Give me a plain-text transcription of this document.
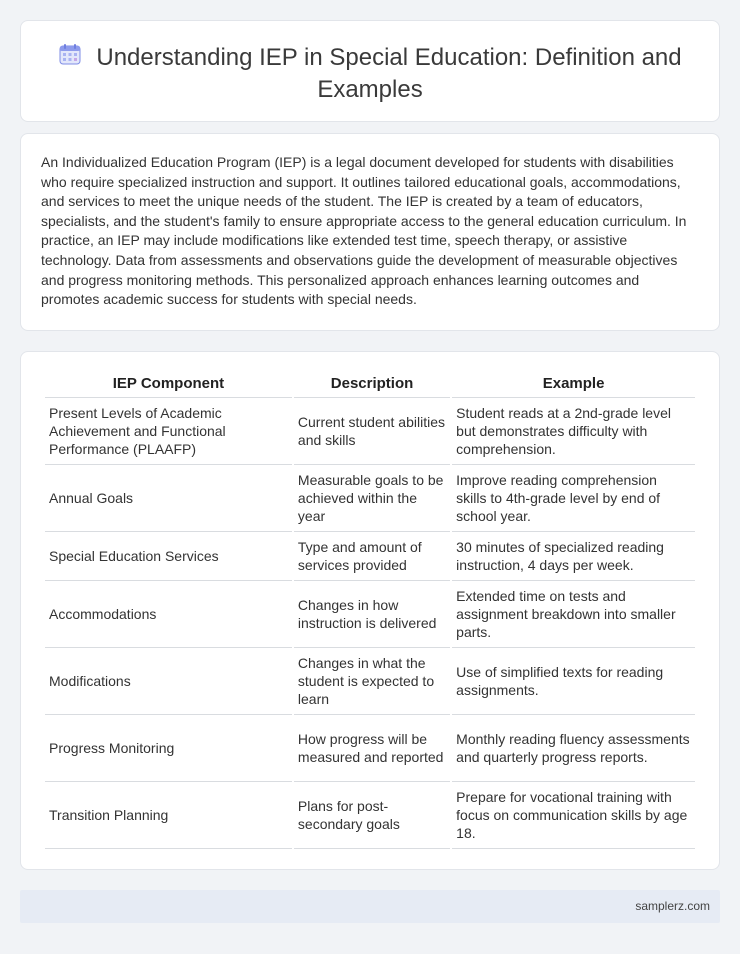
Understanding IEP in Special Education: Definition and Examples

An Individualized Education Program (IEP) is a legal document developed for students with disabilities who require specialized instruction and support. It outlines tailored educational goals, accommodations, and services to meet the unique needs of the student. The IEP is created by a team of educators, specialists, and the student's family to ensure appropriate access to the general education curriculum. In practice, an IEP may include modifications like extended test time, speech therapy, or assistive technology. Data from assessments and observations guide the development of measurable objectives and progress monitoring methods. This personalized approach enhances learning outcomes and promotes academic success for students with special needs.

IEP Component	Description	Example
Present Levels of Academic Achievement and Functional Performance (PLAAFP)	Current student abilities and skills	Student reads at a 2nd-grade level but demonstrates difficulty with comprehension.
Annual Goals	Measurable goals to be achieved within the year	Improve reading comprehension skills to 4th-grade level by end of school year.
Special Education Services	Type and amount of services provided	30 minutes of specialized reading instruction, 4 days per week.
Accommodations	Changes in how instruction is delivered	Extended time on tests and assignment breakdown into smaller parts.
Modifications	Changes in what the student is expected to learn	Use of simplified texts for reading assignments.
Progress Monitoring	How progress will be measured and reported	Monthly reading fluency assessments and quarterly progress reports.
Transition Planning	Plans for post-secondary goals	Prepare for vocational training with focus on communication skills by age 18.
samplerz.com
